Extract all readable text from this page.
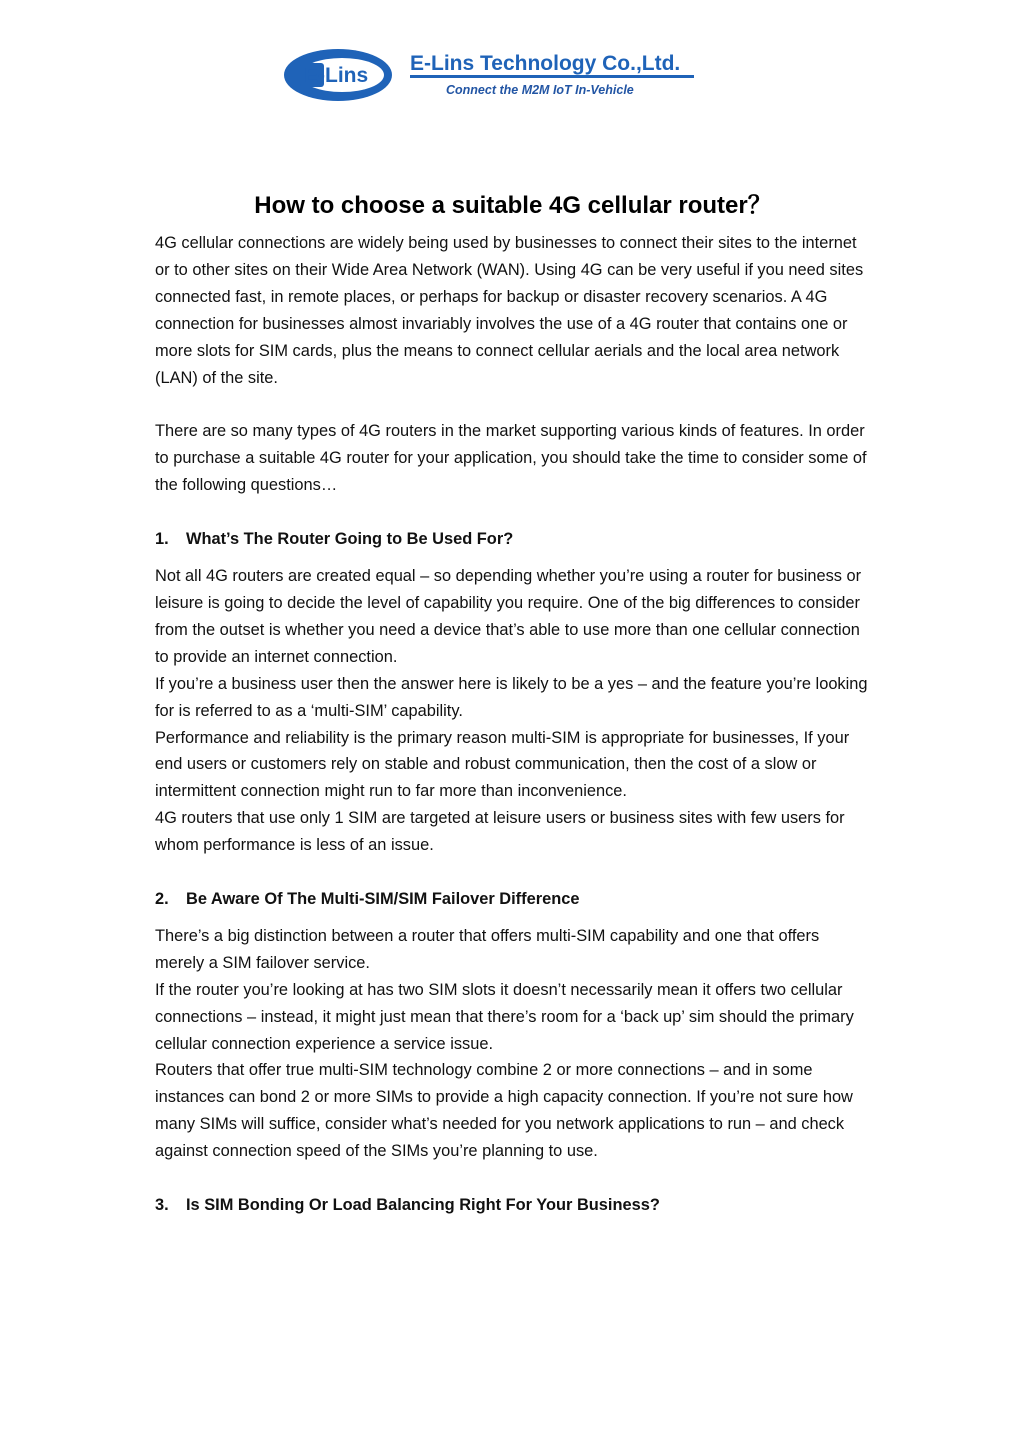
E-Lins
E-Lins Technology Co.,Ltd.
Connect the M2M IoT In-Vehicle
How to choose a suitable 4G cellular router？

4G cellular connections are widely being used by businesses to connect their sites to the internet or to other sites on their Wide Area Network (WAN). Using 4G can be very useful if you need sites connected fast, in remote places, or perhaps for backup or disaster recovery scenarios. A 4G connection for businesses almost invariably involves the use of a 4G router that contains one or more slots for SIM cards, plus the means to connect cellular aerials and the local area network (LAN) of the site.

There are so many types of 4G routers in the market supporting various kinds of features. In order to purchase a suitable 4G router for your application, you should take the time to consider some of the following questions…

1. What’s The Router Going to Be Used For?

Not all 4G routers are created equal – so depending whether you’re using a router for business or leisure is going to decide the level of capability you require. One of the big differences to consider from the outset is whether you need a device that’s able to use more than one cellular connection to provide an internet connection.

If you’re a business user then the answer here is likely to be a yes – and the feature you’re looking for is referred to as a ‘multi-SIM’ capability.

Performance and reliability is the primary reason multi-SIM is appropriate for businesses, If your end users or customers rely on stable and robust communication, then the cost of a slow or intermittent connection might run to far more than inconvenience.

4G routers that use only 1 SIM are targeted at leisure users or business sites with few users for whom performance is less of an issue.

2. Be Aware Of The Multi-SIM/SIM Failover Difference

There’s a big distinction between a router that offers multi-SIM capability and one that offers merely a SIM failover service.

If the router you’re looking at has two SIM slots it doesn’t necessarily mean it offers two cellular connections – instead, it might just mean that there’s room for a ‘back up’ sim should the primary cellular connection experience a service issue.

Routers that offer true multi-SIM technology combine 2 or more connections – and in some instances can bond 2 or more SIMs to provide a high capacity connection. If you’re not sure how many SIMs will suffice, consider what’s needed for you network applications to run – and check against connection speed of the SIMs you’re planning to use.

3. Is SIM Bonding Or Load Balancing Right For Your Business?
